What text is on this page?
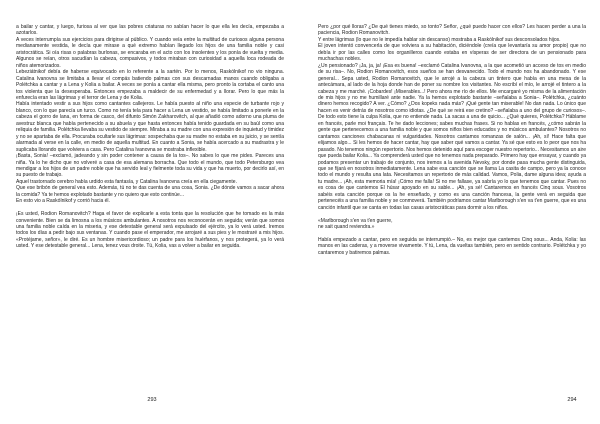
a bailar y cantar, y luego, furiosa al ver que las pobres criaturas no sabían hacer lo que ella les decía, empezaba a azotarlos.

A veces interrumpía sus ejercicios para dirigirse al público. Y cuando veía entre la multitud de curiosos alguna persona medianamente vestida, le decía que mirase a qué extremo habían llegado los hijos de una familia noble y casi aristocrática. Si oía risas o palabras burlonas, se encaraba en el acto con los insolentes y los ponía de vuelta y media. Algunos se reían, otros sacudían la cabeza, compasivos, y todos miraban con curiosidad a aquella loca rodeada de niños atemorizados.

Lebeziátnikof debía de haberse equivocado en lo referente a la sartén. Por lo menos, Raskólnikof no vio ninguna. Catalina Ivanovna se limitaba a llevar el compás batiendo palmas con sus descarnadas manos cuando obligaba a Polétchka a cantar y a Lena y Kolia a bailar. A veces se ponía a cantar ella misma, pero pronto la cortaba el canto una tos violenta que la desesperaba. Entonces empezaba a maldecir de su enfermedad y a llorar. Pero lo que más la enfurecía eran las lágrimas y el terror de Lena y de Kolia.

Había intentado vestir a sus hijos como cantantes callejeros. Le había puesto al niño una especie de turbante rojo y blanco, con lo que parecía un turco. Como no tenía tela para hacer a Lena un vestido, se había limitado a ponerle en la cabeza el gorro de lana, en forma de casco, del difunto Simón Zakharovitch, al que añadió como adorno una pluma de avestruz blanca que había pertenecido a su abuela y que hasta entonces había tenido guardada en su baúl como una reliquia de familia. Polétchka llevaba su vestido de siempre. Miraba a su madre con una expresión de inquietud y timidez y no se apartaba de ella. Procuraba ocultarle sus lágrimas: sospechaba que su madre no estaba en su juicio, y se sentía alarmada al verse en la calle, en medio de aquella multitud. En cuanto a Sonia, se había acercado a su madrastra y le suplicaba llorando que volviera a casa. Pero Catalina Ivanovna se mostraba inflexible.

¡Basta, Sonia! –exclamó, jadeando y sin poder contener a causa de la tos–. No sabes lo que me pides. Pareces una niña. Ya lo he dicho que no volveré a casa de esa alemana borracha. Que todo el mundo, que todo Petersburgo vea mendigar a los hijos de un padre noble que ha servido leal y fielmente toda su vida y que ha muerto, por decirlo así, en su puesto de trabajo.

Aquel trastornado cerebro había urdido esta fantasía, y Catalina Ivanovna creía en ella ciegamente.

Que ese bribón de general vea esto. Además, tú no te das cuenta de una cosa, Sonia. ¿De dónde vamos a sacar ahora la comida? Ya te hemos explotado bastante y no quiero que esto continúe...

En esto vio a Raskólnikof y corrió hacia él.

¡Es usted, Rodion Romanovitch? Haga el favor de explicarle a esta tonta que la resolución que he tomado es la más conveniente. Bien se da limosna a los músicos ambulantes. A nosotros nos reconocerán en seguida; verán que somos una familia noble caída en la miseria, y ese detestable general será expulsado del ejército, ya lo verá usted. Iremos todos los días a pedir bajo sus ventanas. Y cuando pase el emperador, me arrojaré a sus pies y le mostraré a mis hijos. «Protéjame, señor», le diré. Es un hombre misericordioso; un padre para los huérfanos, y nos protegerá, ya lo verá usted. Y ese detestable general... Lena, tenez vous droite. Tú, Kolia, vas a volver a bailar en seguida.

293

Pero ¿por qué lloras? ¿De qué tienes miedo, so tonto? Señor, ¿qué puedo hacer con ellos? Les hacen perder a una la paciencia, Rodion Romanovitch.

Y entre lágrimas (lo que no le impedía hablar sin descanso) mostraba a Raskólnikof sus desconsolados hijos.

El joven intentó convencerla de que volviera a su habitación, diciéndole (creía que levantaría su amor propio) que no debía ir por las calles como los organilleros cuando estaba en vísperas de ser directora de un pensionado para muchachas nobles.

¿Un pensionado? ¡Ja, ja, ja! ¡Esa es buena! –exclamó Catalina Ivanovna, a la que acometió un acceso de tos en medio de su risa–. No, Rodion Romanovitch, esos sueños se han desvanecido. Todo el mundo nos ha abandonado. Y ese general... Sepa usted, Rodion Romanovitch, que le arrojé a la cabeza un tintero que había en una mesa de la antecámara, al lado de la hoja donde han de poner su nombre los visitantes. No escribí el mío, le arrojé el tintero a la cabeza y me marché. ¡Cobardes! ¡Miserables...! Pero ahora me río de ellos. Me encargaré yo misma de la alimentación de mis hijos y no me humillaré ante nadie. Ya la hemos explotado bastante –señalaba a Sonia–. Polétchka, ¿cuánto dinero hemos recogido? A ver. ¿Cómo? ¿Dos kopeks nada más? ¡Qué gente tan miserable! No dan nada. Lo único que hacen es venir detrás de nosotros como idiotas. ¿De qué se reirá ese cretino? –señalaba a uno del grupo de curiosos–. De todo esto tiene la culpa Kolia, que no entiende nada. La sacas a una de quicio... ¿Qué quieres, Polétchka? Háblame en francés, parle moi français. Te he dado lecciones; sabes muchas frases. Si no hablas en francés, ¿cómo sabrán la gente que pertenecemos a una familia noble y que somos niños bien educados y no músicos ambulantes? Nosotros no cantamos canciones chabacanas ni vulgaridades. Nosotros cantamos romanzas de salón... ¡Ah, sí! Hace falta que elijamos algo... Si les hemos de hacer cantar, hay que saber qué vamos a cantar. Ya sé que esto es lo peor que nos ha pasado. No tenemos ningún repertorio. Nos hemos detenido aquí para escoger nuestro repertorio... Necesitamos un aire que pueda bailar Kolia... Ya comprenderá usted que no tenemos nada preparado. Primero hay que ensayar, y cuando ya podamos presentar un trabajo de conjunto, nos iremos a la avenida Nevsky, por donde pasa mucha gente distinguida, que se fijará en nosotros inmediatamente. Lena sabe esa canción que se llama La casita de campo, pero ya la conoce todo el mundo y resulta una lata. Necesitamos un repertorio de más calidad. Vamos, Polia, dame alguna idea; ayuda a tu madre... ¡Ah, esta memoria mía! ¡Cómo me falla! Si no me fallase, ya sabría yo lo que tenemos que cantar. Pues no es cosa de que cantemos El húsar apoyado en su sable... ¡Ah, ya sé! Cantaremos en francés Cinq sous. Vosotros sabéis esta canción porque os la he enseñado, y como es una canción francesa, la gente verá en seguida que pertenecéis a una familia noble y se conmoverá. También podríamos cantar Marlborough s'en va t'en guerre, que es una canción infantil que se canta en todas las casas aristocráticas para dormir a los niños.

«Marlborough s'en va t'en guerre,

ne sait quand reviendra.»

Había empezado a cantar, pero en seguida se interrumpió.– No, es mejor que cantemos Cinq sous... Anda, Kolia: las manos en las caderas, y a moverse vivamente. Y tú, Lena, da vueltas también, pero en sentido contrario. Polétchka y yo cantaremos y batiremos palmas.

294
